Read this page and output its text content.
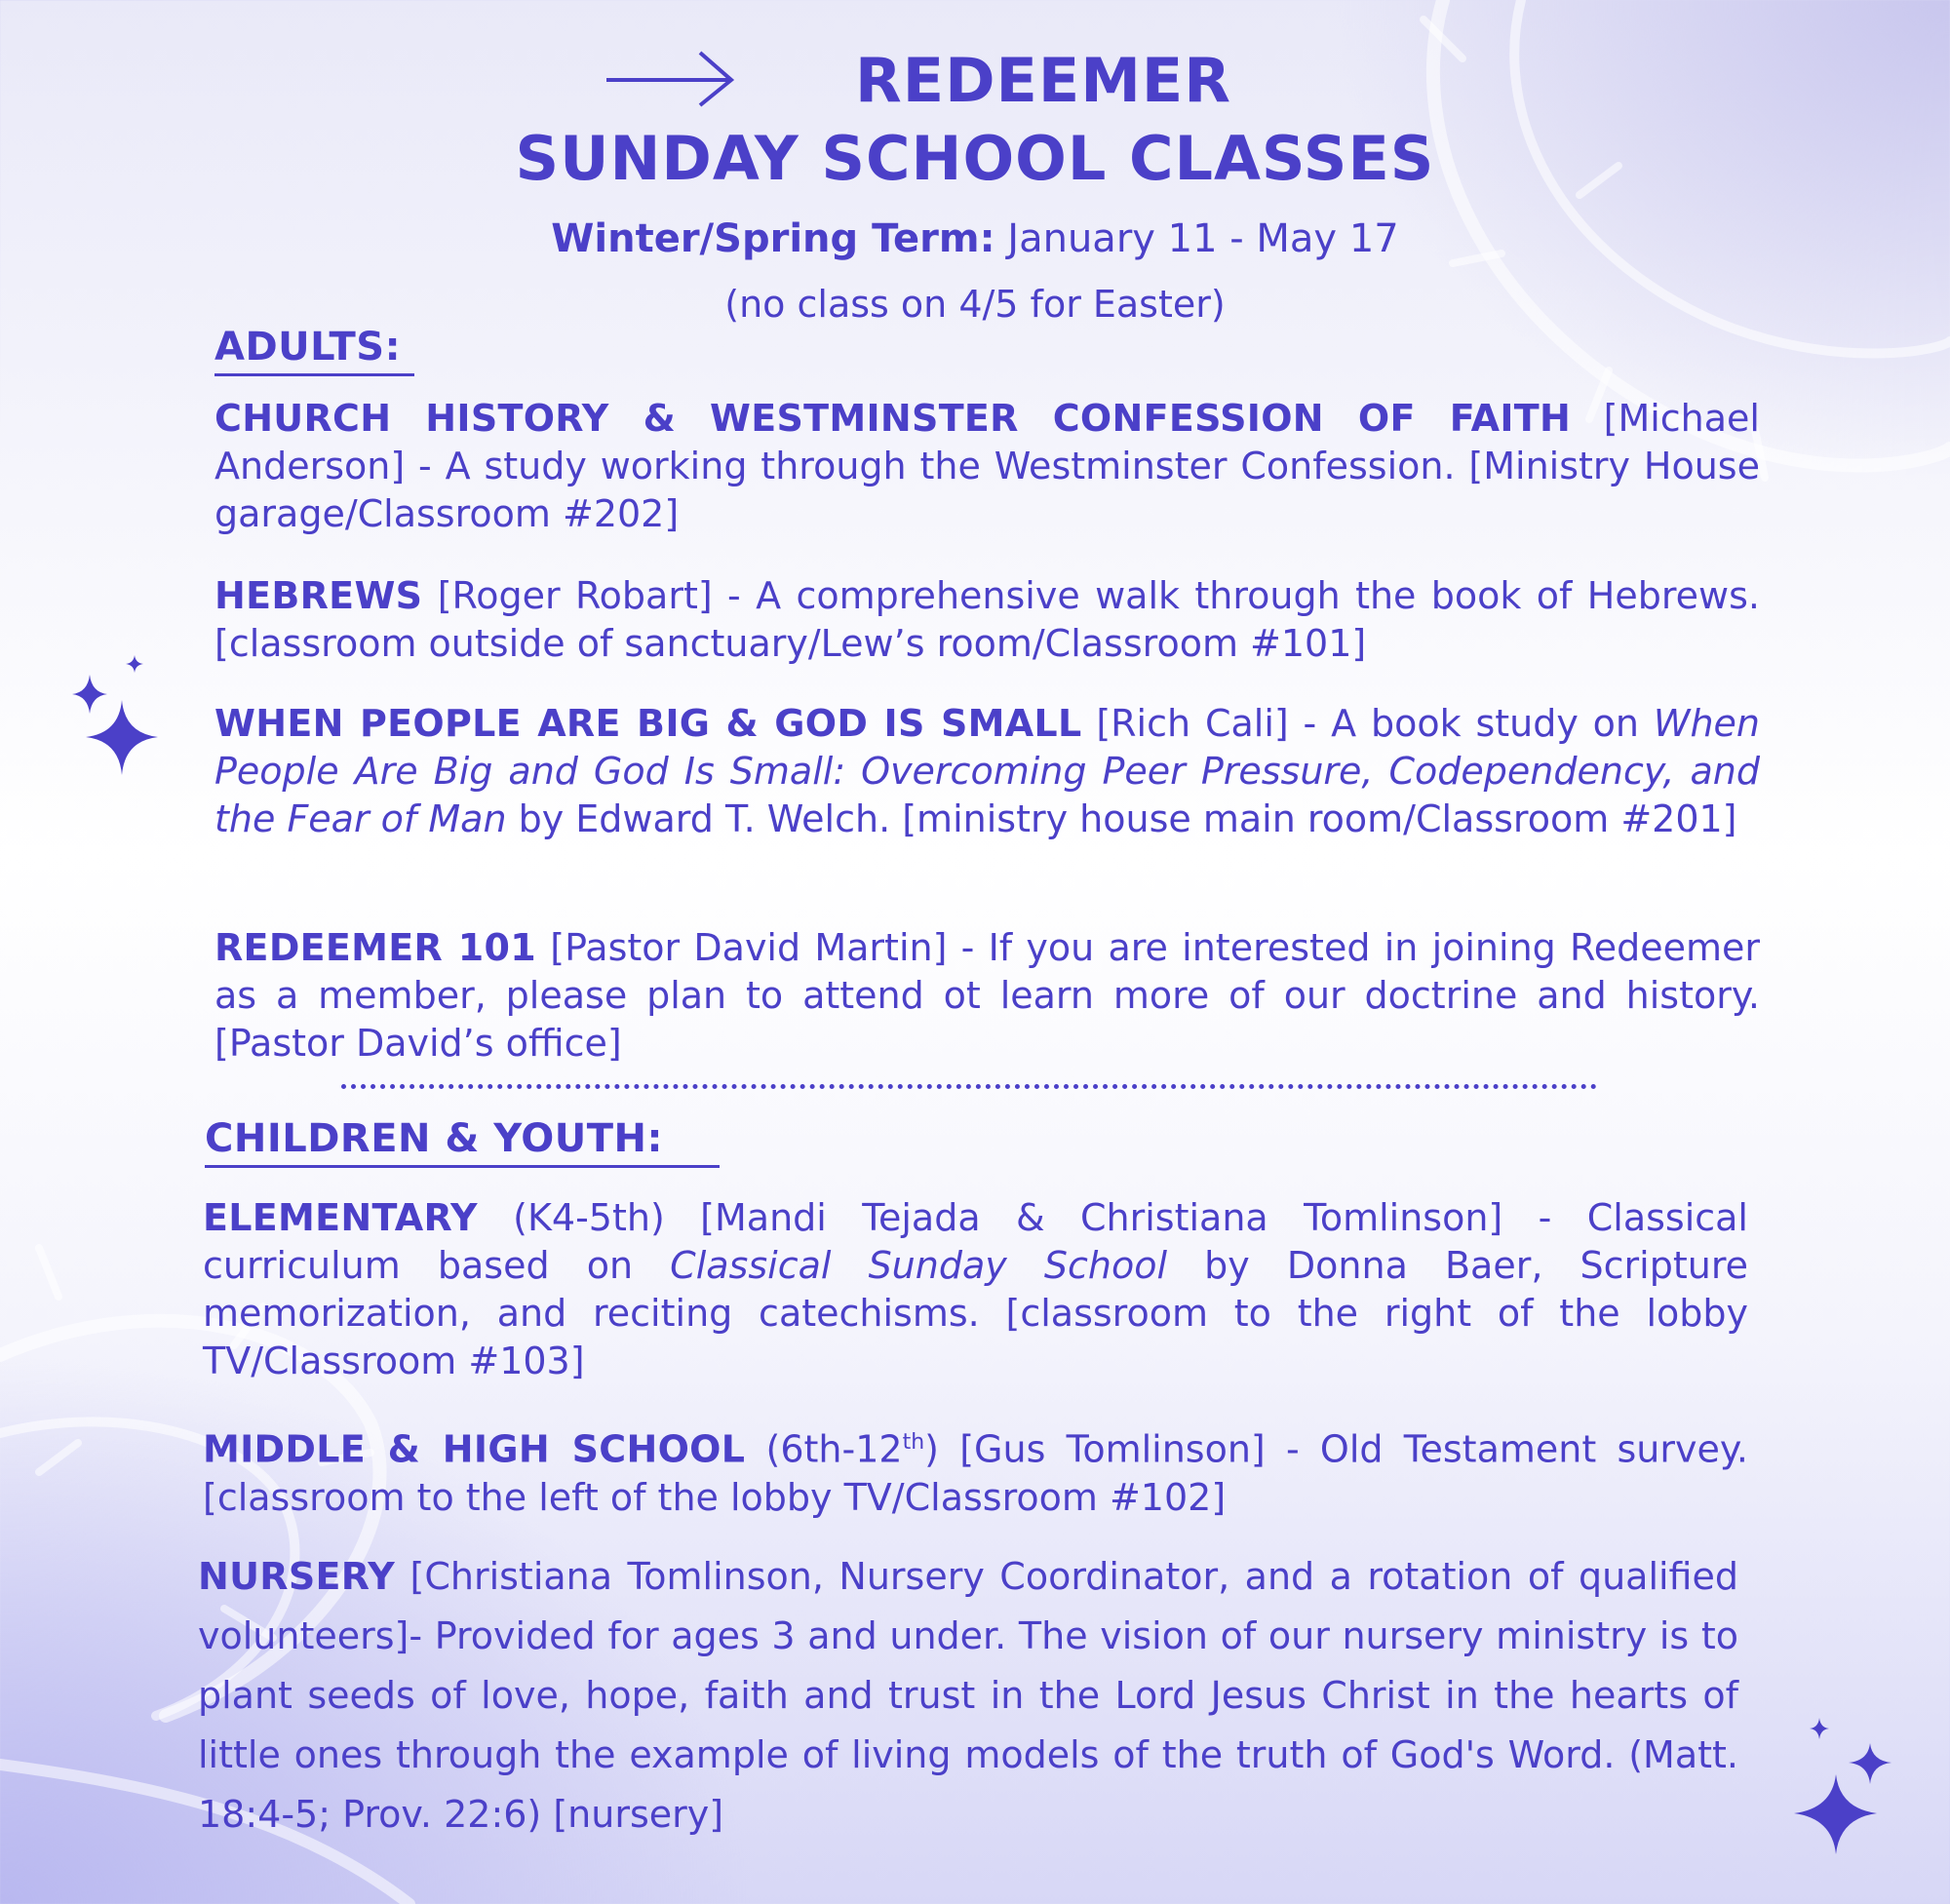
REDEEMER
SUNDAY SCHOOL CLASSES
Winter/Spring Term: January 11 - May 17
(no class on 4/5 for Easter)
ADULTS:
CHURCH HISTORY & WESTMINSTER CONFESSION OF FAITH [Michael Anderson] - A study working through the Westminster Confession. [Ministry House garage/Classroom #202]
HEBREWS [Roger Robart] - A comprehensive walk through the book of Hebrews. [classroom outside of sanctuary/Lew’s room/Classroom #101]
WHEN PEOPLE ARE BIG & GOD IS SMALL [Rich Cali] - A book study on When People Are Big and God Is Small: Overcoming Peer Pressure, Codependency, and the Fear of Man by Edward T. Welch. [ministry house main room/Classroom #201]
REDEEMER 101 [Pastor David Martin] - If you are interested in joining Redeemer as a member, please plan to attend ot learn more of our doctrine and history. [Pastor David’s office]
CHILDREN & YOUTH:
ELEMENTARY (K4-5th) [Mandi Tejada & Christiana Tomlinson] - Classical curriculum based on Classical Sunday School by Donna Baer, Scripture memorization, and reciting catechisms. [classroom to the right of the lobby TV/Classroom #103]
MIDDLE & HIGH SCHOOL (6th-12th) [Gus Tomlinson] - Old Testament survey. [classroom to the left of the lobby TV/Classroom #102]
NURSERY [Christiana Tomlinson, Nursery Coordinator, and a rotation of qualified volunteers]- Provided for ages 3 and under. The vision of our nursery ministry is to plant seeds of love, hope, faith and trust in the Lord Jesus Christ in the hearts of little ones through the example of living models of the truth of God's Word. (Matt. 18:4-5; Prov. 22:6) [nursery]
